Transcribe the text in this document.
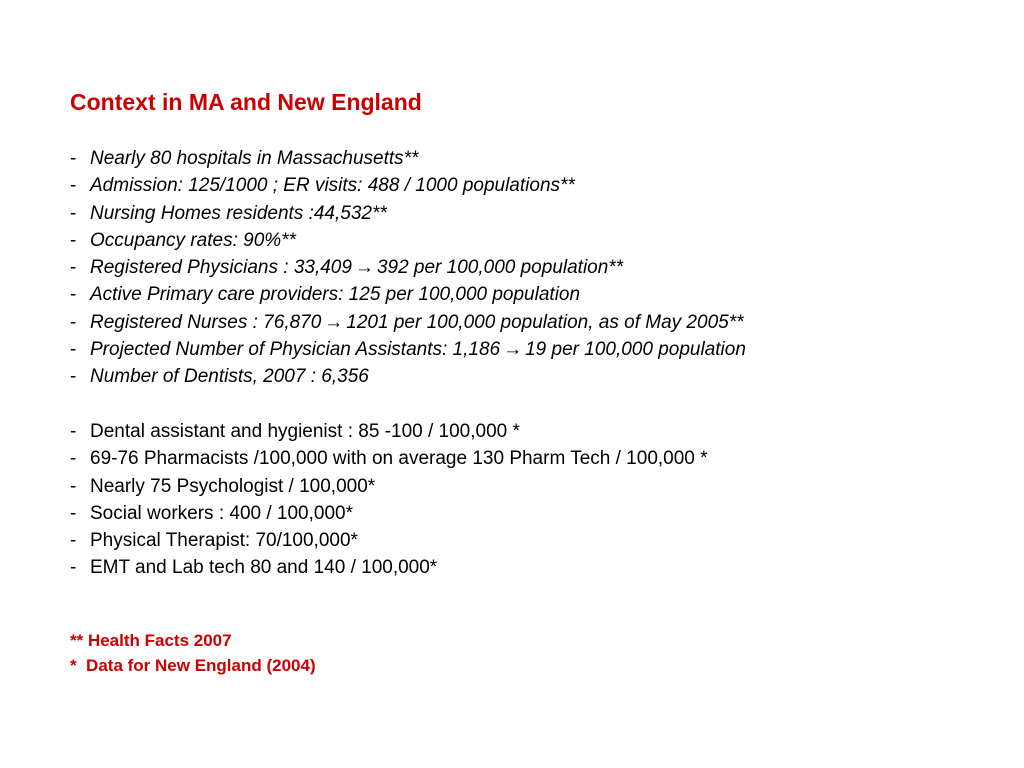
Context in MA and New England
- Nearly 80 hospitals in Massachusetts**
- Admission: 125/1000 ; ER visits: 488 / 1000 populations**
- Nursing Homes residents :44,532**
- Occupancy rates: 90%**
- Registered Physicians : 33,409 → 392 per 100,000 population**
- Active Primary care providers: 125 per 100,000 population
- Registered Nurses : 76,870 → 1201 per 100,000 population, as of May 2005**
- Projected Number of Physician Assistants: 1,186 → 19 per 100,000 population
- Number of Dentists, 2007 : 6,356
- Dental assistant and hygienist : 85 -100 / 100,000 *
- 69-76 Pharmacists /100,000 with on average 130 Pharm Tech / 100,000 *
- Nearly 75 Psychologist / 100,000*
- Social workers : 400 / 100,000*
- Physical Therapist: 70/100,000*
- EMT and Lab tech 80 and 140 / 100,000*
** Health Facts 2007
*  Data for New England (2004)
